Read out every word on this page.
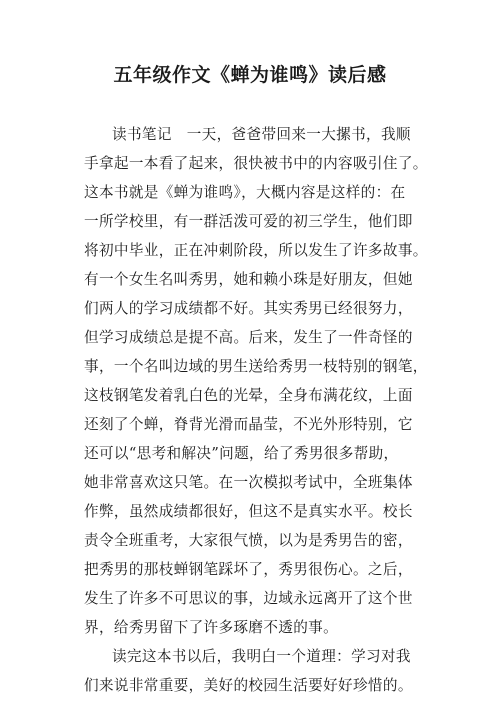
五年级作文《蝉为谁鸣》读后感

读书笔记　一天，爸爸带回来一大摞书，我顺

手拿起一本看了起来，很快被书中的内容吸引住了。

这本书就是《蝉为谁鸣》，大概内容是这样的：在

一所学校里，有一群活泼可爱的初三学生，他们即

将初中毕业，正在冲刺阶段，所以发生了许多故事。

有一个女生名叫秀男，她和赖小珠是好朋友，但她

们两人的学习成绩都不好。其实秀男已经很努力，

但学习成绩总是提不高。后来，发生了一件奇怪的

事，一个名叫边域的男生送给秀男一枝特别的钢笔，

这枝钢笔发着乳白色的光晕，全身布满花纹，上面

还刻了个蝉，脊背光滑而晶莹，不光外形特别，它

还可以“思考和解决”问题，给了秀男很多帮助，

她非常喜欢这只笔。在一次模拟考试中，全班集体

作弊，虽然成绩都很好，但这不是真实水平。校长

责令全班重考，大家很气愤，以为是秀男告的密，

把秀男的那枝蝉钢笔踩坏了，秀男很伤心。之后，

发生了许多不可思议的事，边域永远离开了这个世

界，给秀男留下了许多琢磨不透的事。

读完这本书以后，我明白一个道理：学习对我

们来说非常重要，美好的校园生活要好好珍惜的。
